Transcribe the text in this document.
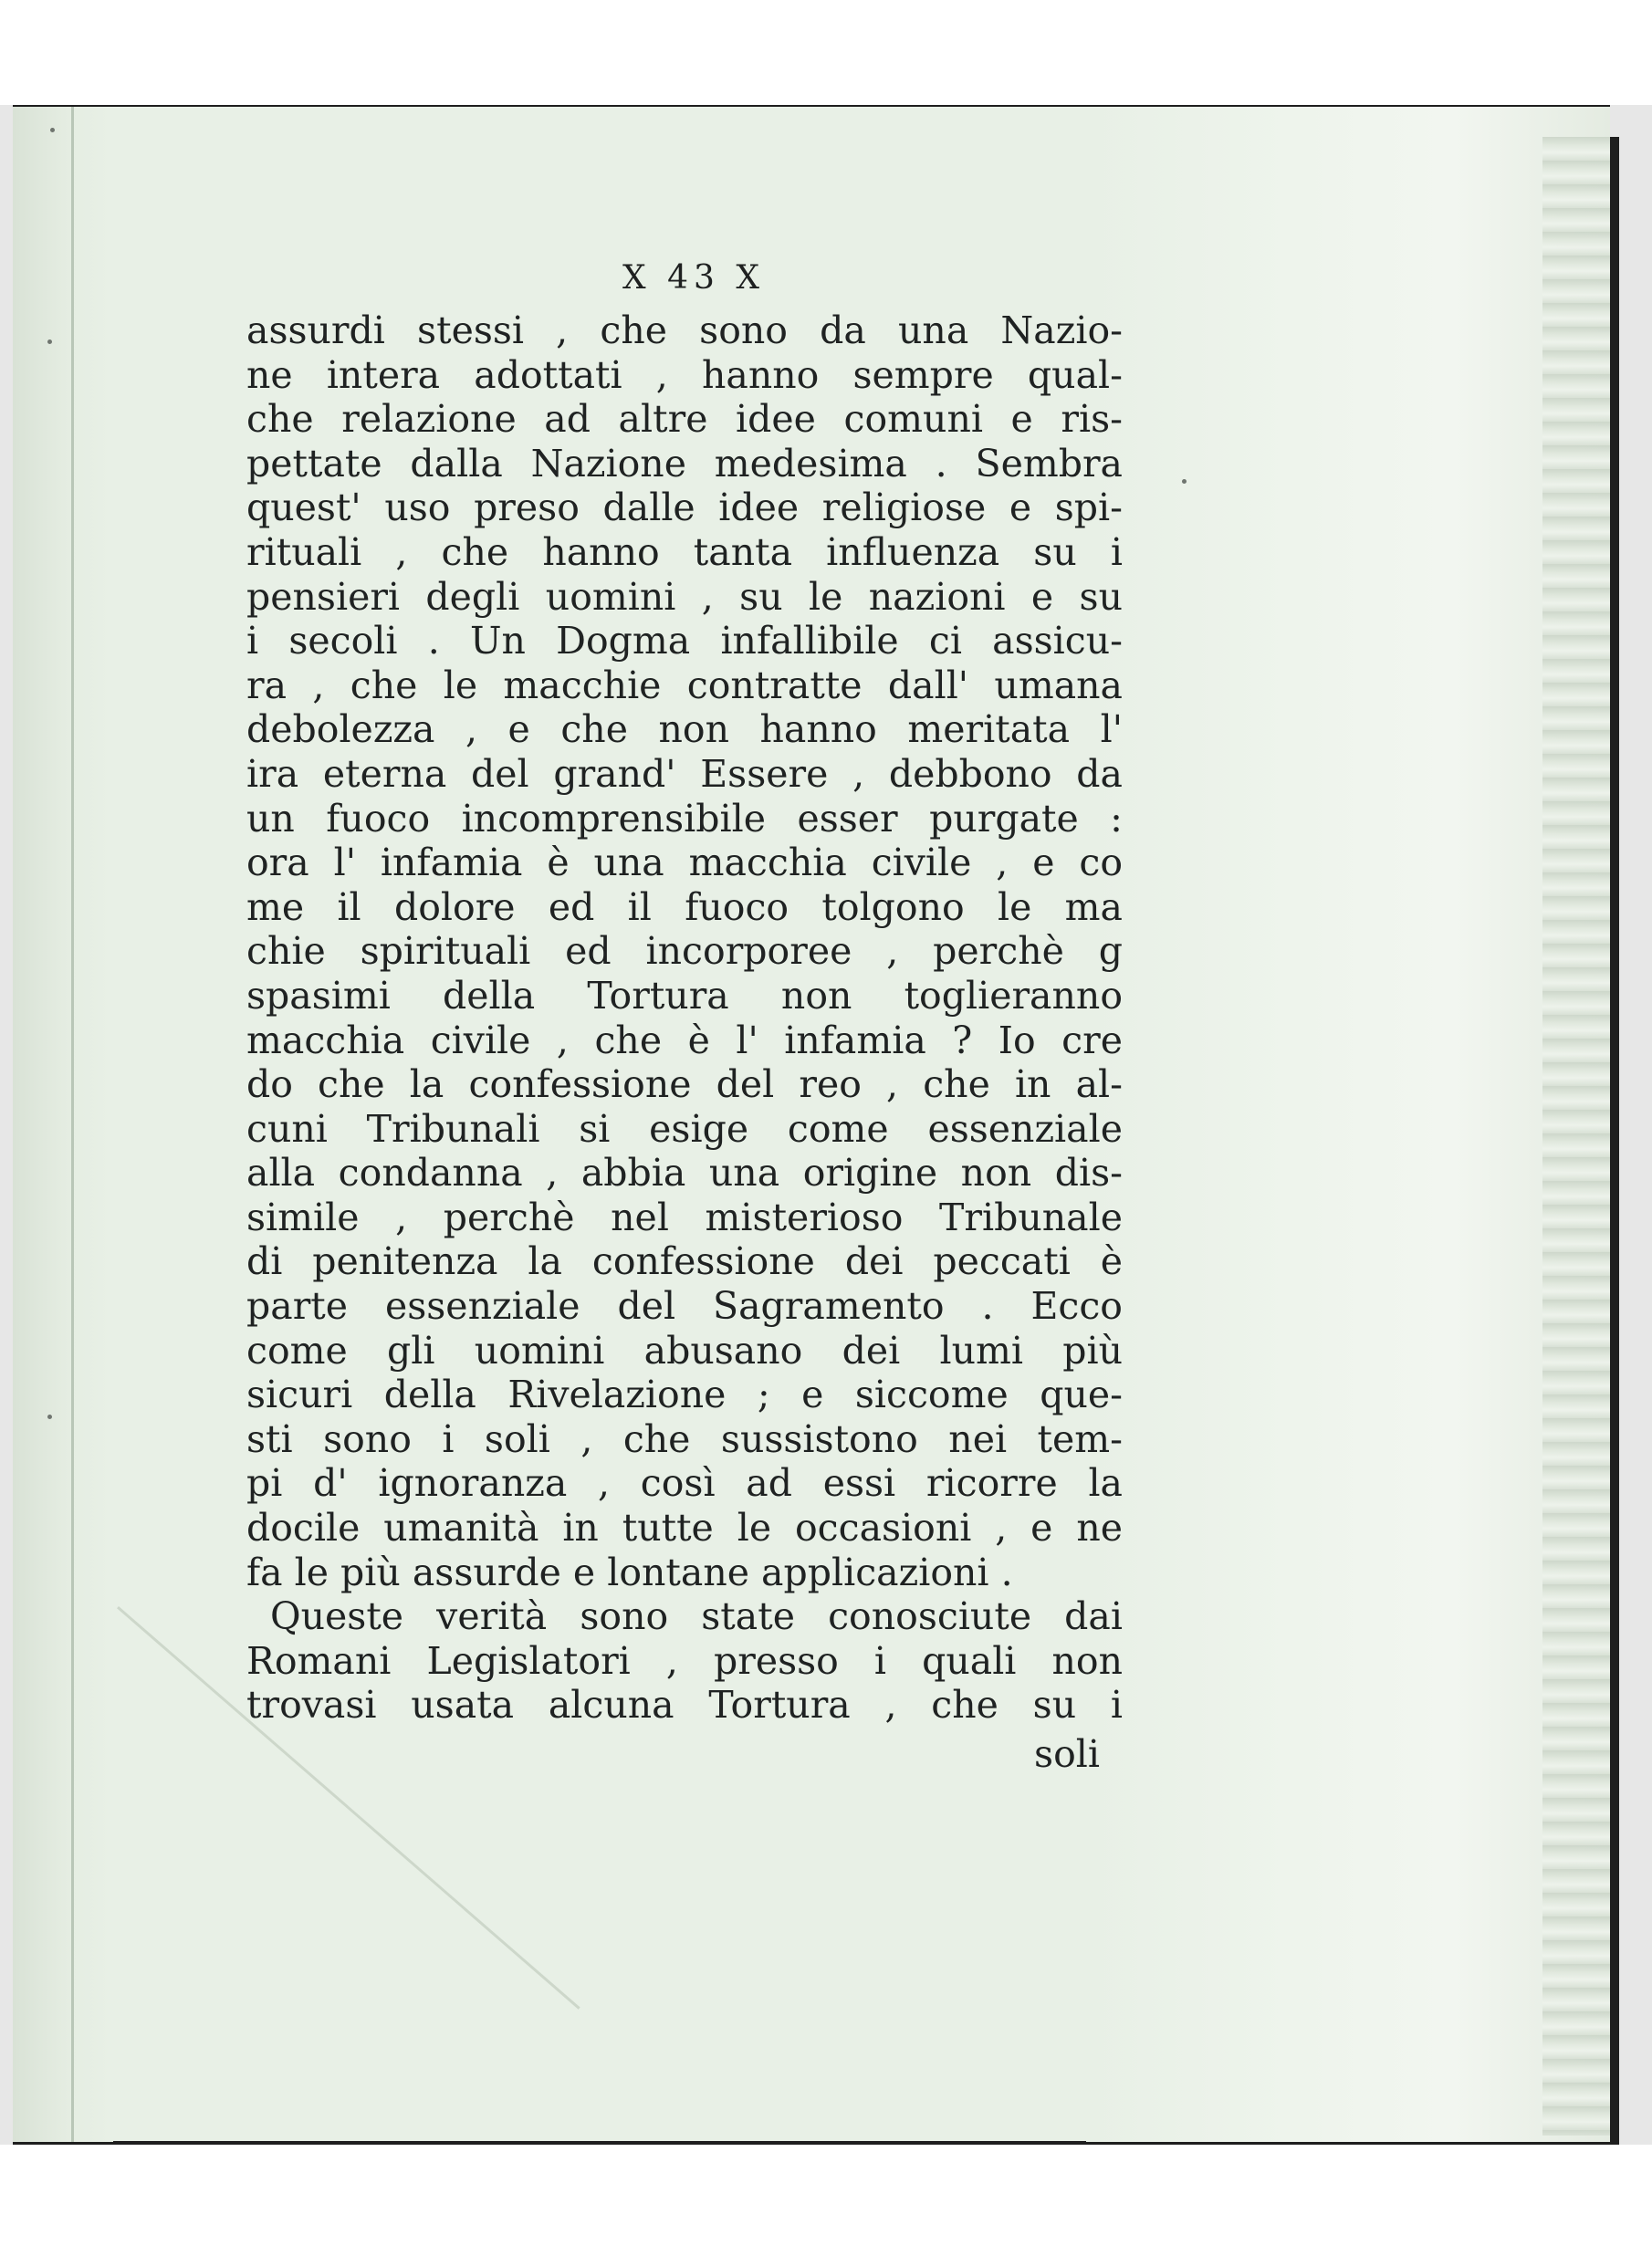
X 43 X
assurdi stessi , che sono da una Nazio-
ne intera adottati , hanno sempre qual-
che relazione ad altre idee comuni e ris-
pettate dalla Nazione medesima . Sembra
quest' uso preso dalle idee religiose e spi-
rituali , che hanno tanta influenza su i
pensieri degli uomini , su le nazioni e su
i secoli . Un Dogma infallibile ci assicu-
ra , che le macchie contratte dall' umana
debolezza , e che non hanno meritata l'
ira eterna del grand' Essere , debbono da
un fuoco incomprensibile esser purgate :
ora l' infamia è una macchia civile , e co
me il dolore ed il fuoco tolgono le ma
chie spirituali ed incorporee , perchè g
spasimi della Tortura non toglieranno
macchia civile , che è l' infamia ? Io cre
do che la confessione del reo , che in al-
cuni Tribunali si esige come essenziale
alla condanna , abbia una origine non dis-
simile , perchè nel misterioso Tribunale
di penitenza la confessione dei peccati è
parte essenziale del Sagramento . Ecco
come gli uomini abusano dei lumi più
sicuri della Rivelazione ; e siccome que-
sti sono i soli , che sussistono nei tem-
pi d' ignoranza , così ad essi ricorre la
docile umanità in tutte le occasioni , e ne
fa le più assurde e lontane applicazioni .
Queste verità sono state conosciute dai
Romani Legislatori , presso i quali non
trovasi usata alcuna Tortura , che su i
soli
